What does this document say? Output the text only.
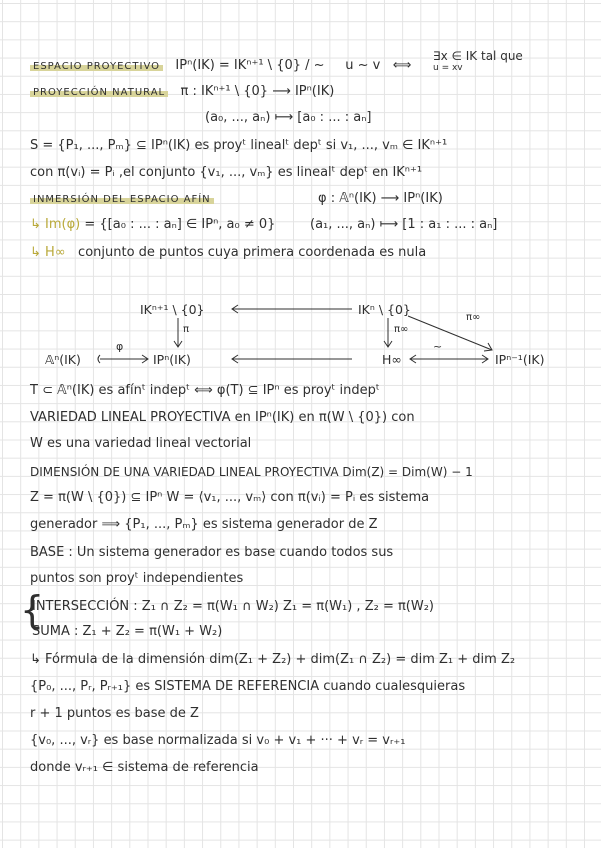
ESPACIO PROYECTIVO IPⁿ(IK) = IKⁿ⁺¹ \ {0} / ~ u ~ v ⟺
∃x ∈ IK tal que
u = xv
PROYECCIÓN NATURAL π : IKⁿ⁺¹ \ {0} ⟶ IPⁿ(IK)
(a₀, ..., aₙ) ⟼ [a₀ : ... : aₙ]
S = {P₁, ..., Pₘ} ⊆ IPⁿ(IK) es proyᵗ linealᵗ depᵗ si v₁, ..., vₘ ∈ IKⁿ⁺¹
con π(vᵢ) = Pᵢ ,el conjunto {v₁, ..., vₘ} es linealᵗ depᵗ en IKⁿ⁺¹
INMERSIÓN DEL ESPACIO AFÍN	φ : 𝔸ⁿ(IK) ⟶ IPⁿ(IK)
↳ Im(φ) = {[a₀ : ... : aₙ] ∈ IPⁿ, a₀ ≠ 0}	(a₁, ..., aₙ) ⟼ [1 : a₁ : ... : aₙ]
↳ H∞ conjunto de puntos cuya primera coordenada es nula
IKⁿ⁺¹ \ {0}	IKⁿ \ {0}
π	π∞
π∞
φ
𝔸ⁿ(IK)	IPⁿ(IK)	H∞
~
IPⁿ⁻¹(IK)
T ⊂ 𝔸ⁿ(IK) es afínᵗ indepᵗ ⟺ φ(T) ⊆ IPⁿ es proyᵗ indepᵗ
VARIEDAD LINEAL PROYECTIVA en IPⁿ(IK) en π(W \ {0}) con
W es una variedad lineal vectorial
DIMENSIÓN DE UNA VARIEDAD LINEAL PROYECTIVA Dim(Z) = Dim(W) − 1
Z = π(W \ {0}) ⊆ IPⁿ W = ⟨v₁, ..., vₘ⟩ con π(vᵢ) = Pᵢ es sistema
generador ⟹ {P₁, ..., Pₘ} es sistema generador de Z
BASE : Un sistema generador es base cuando todos sus
puntos son proyᵗ independientes
{
INTERSECCIÓN : Z₁ ∩ Z₂ = π(W₁ ∩ W₂) Z₁ = π(W₁) , Z₂ = π(W₂)
SUMA : Z₁ + Z₂ = π(W₁ + W₂)
↳ Fórmula de la dimensión dim(Z₁ + Z₂) + dim(Z₁ ∩ Z₂) = dim Z₁ + dim Z₂
{P₀, ..., Pᵣ, Pᵣ₊₁} es SISTEMA DE REFERENCIA cuando cualesquieras
r + 1 puntos es base de Z
{v₀, ..., vᵣ} es base normalizada si v₀ + v₁ + ··· + vᵣ = vᵣ₊₁
donde vᵣ₊₁ ∈ sistema de referencia
